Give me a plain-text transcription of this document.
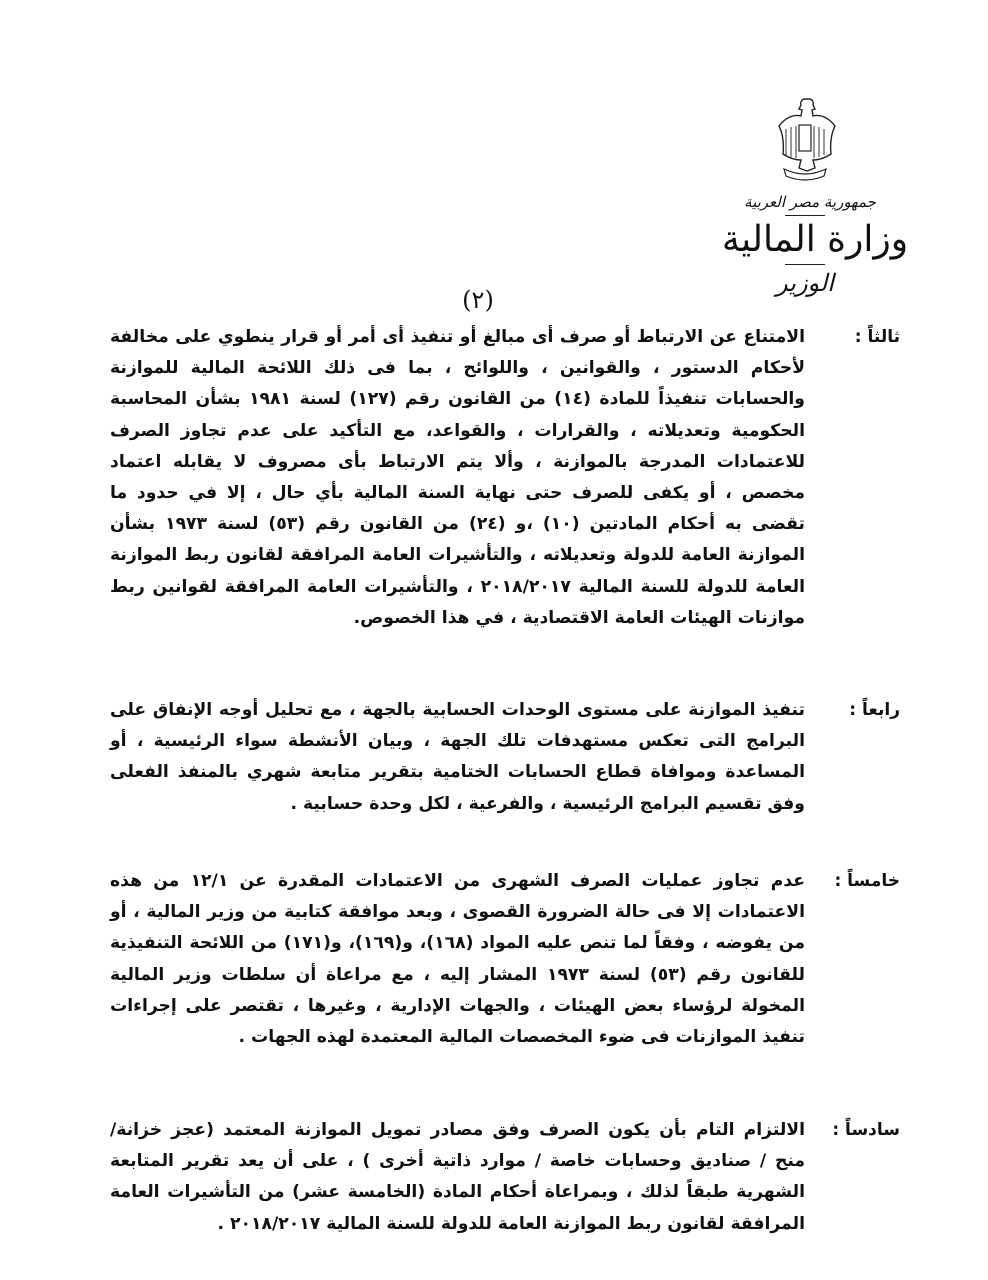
جمهورية مصر العربية
وزارة المالية
الوزير
(٢)
ثالثاً :
الامتناع عن الارتباط أو صرف أى مبالغ أو تنفيذ أى أمر أو قرار ينطوي على مخالفة لأحكام الدستور ، والقوانين ، واللوائح ، بما فى ذلك اللائحة المالية للموازنة والحسابات تنفيذاً للمادة (١٤) من القانون رقم (١٢٧) لسنة ١٩٨١ بشأن المحاسبة الحكومية وتعديلاته ، والقرارات ، والقواعد، مع التأكيد على عدم تجاوز الصرف للاعتمادات المدرجة بالموازنة ، وألا يتم الارتباط بأى مصروف لا يقابله اعتماد مخصص ، أو يكفى للصرف حتى نهاية السنة المالية بأي حال ، إلا في حدود ما تقضى به أحكام المادتين (١٠) ،و (٢٤) من القانون رقم (٥٣) لسنة ١٩٧٣ بشأن الموازنة العامة للدولة وتعديلاته ، والتأشيرات العامة المرافقة لقانون ربط الموازنة العامة للدولة للسنة المالية ٢٠١٨/٢٠١٧ ، والتأشيرات العامة المرافقة لقوانين ربط موازنات الهيئات العامة الاقتصادية ، في هذا الخصوص.
رابعاً :
تنفيذ الموازنة على مستوى الوحدات الحسابية بالجهة ، مع تحليل أوجه الإنفاق على البرامج التى تعكس مستهدفات تلك الجهة ، وبيان الأنشطة سواء الرئيسية ، أو المساعدة وموافاة قطاع الحسابات الختامية بتقرير متابعة شهري بالمنفذ الفعلى وفق تقسيم البرامج الرئيسية ، والفرعية ، لكل وحدة حسابية .
خامساً :
عدم تجاوز عمليات الصرف الشهرى من الاعتمادات المقدرة عن ١٢/١ من هذه الاعتمادات إلا فى حالة الضرورة القصوى ، وبعد موافقة كتابية من وزير المالية ، أو من يفوضه ، وفقاً لما تنص عليه المواد (١٦٨)، و(١٦٩)، و(١٧١) من اللائحة التنفيذية للقانون رقم (٥٣) لسنة ١٩٧٣ المشار إليه ، مع مراعاة أن سلطات وزير المالية المخولة لرؤساء بعض الهيئات ، والجهات الإدارية ، وغيرها ، تقتصر على إجراءات تنفيذ الموازنات فى ضوء المخصصات المالية المعتمدة لهذه الجهات .
سادساً :
الالتزام التام بأن يكون الصرف وفق مصادر تمويل الموازنة المعتمد (عجز خزانة/ منح / صناديق وحسابات خاصة / موارد ذاتية أخرى ) ، على أن يعد تقرير المتابعة الشهرية طبقاً لذلك ، وبمراعاة أحكام المادة (الخامسة عشر) من التأشيرات العامة المرافقة لقانون ربط الموازنة العامة للدولة للسنة المالية ٢٠١٨/٢٠١٧ .
